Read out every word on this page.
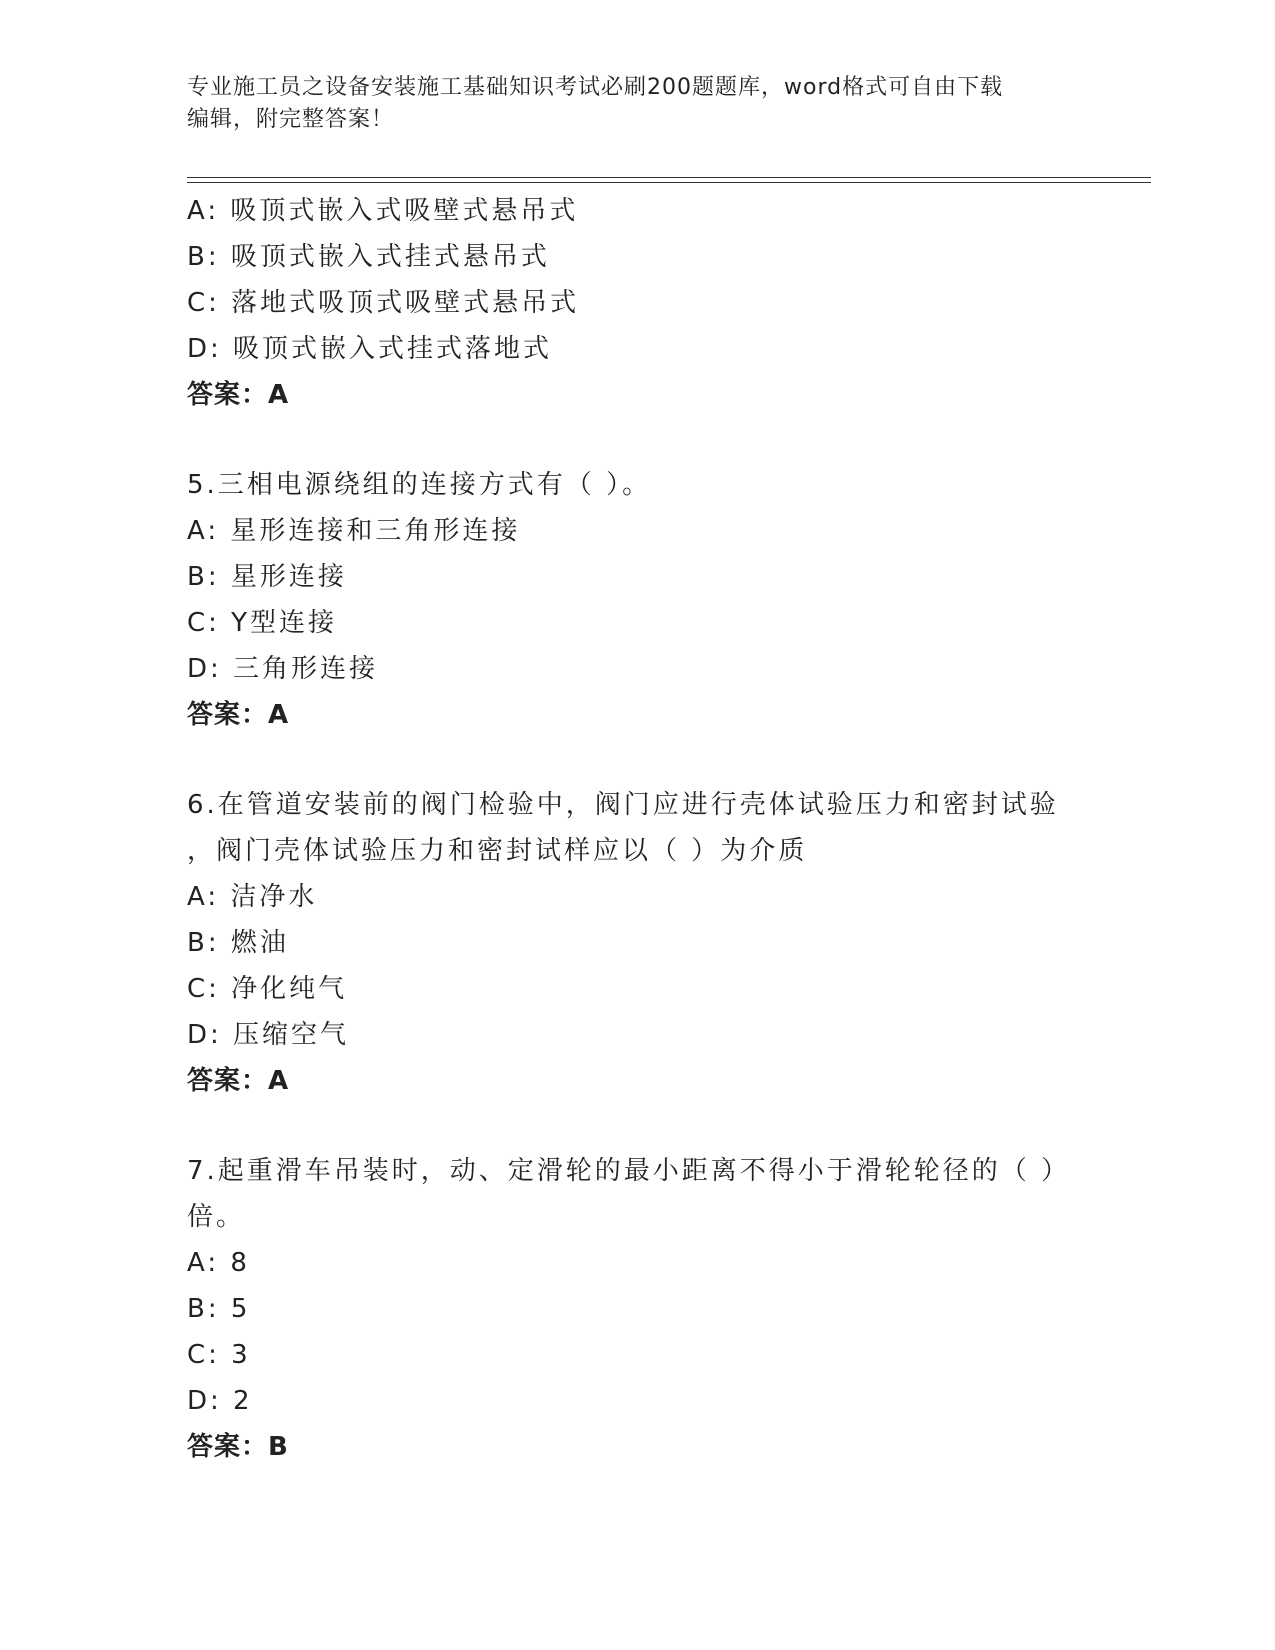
专业施工员之设备安装施工基础知识考试必刷200题题库，word格式可自由下载
编辑，附完整答案！
A: 吸顶式嵌入式吸壁式悬吊式
B: 吸顶式嵌入式挂式悬吊式
C: 落地式吸顶式吸壁式悬吊式
D: 吸顶式嵌入式挂式落地式
答案：A
5.三相电源绕组的连接方式有（ ）。
A: 星形连接和三角形连接
B: 星形连接
C: Y型连接
D: 三角形连接
答案：A
6.在管道安装前的阀门检验中，阀门应进行壳体试验压力和密封试验
，阀门壳体试验压力和密封试样应以（ ）为介质
A: 洁净水
B: 燃油
C: 净化纯气
D: 压缩空气
答案：A
7.起重滑车吊装时，动、定滑轮的最小距离不得小于滑轮轮径的（ ）
倍。
A: 8
B: 5
C: 3
D: 2
答案：B
